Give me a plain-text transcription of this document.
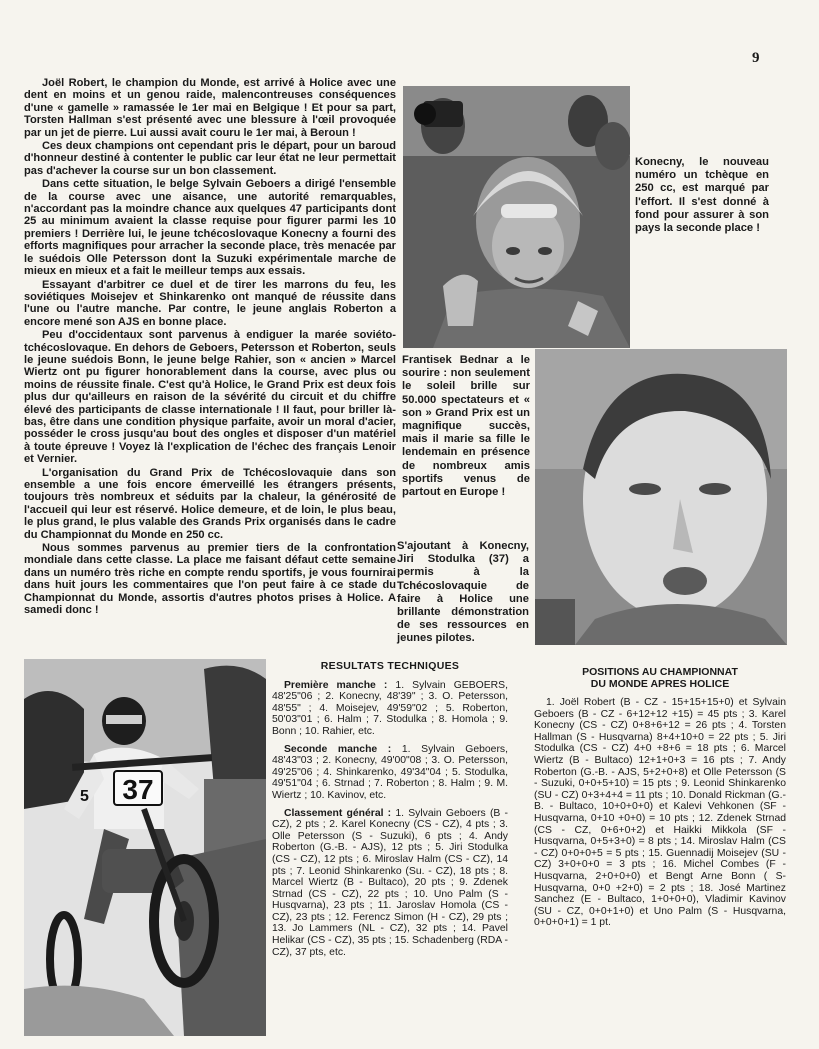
9

Joël Robert, le champion du Monde, est arrivé à Holice avec une dent en moins et un genou raide, malencontreuses conséquences d'une « gamelle » ramassée le 1er mai en Belgique ! Et pour sa part, Torsten Hallman s'est présenté avec une blessure à l'œil provoquée par un jet de pierre. Lui aussi avait couru le 1er mai, à Beroun !

Ces deux champions ont cependant pris le départ, pour un baroud d'honneur destiné à contenter le public car leur état ne leur permettait pas d'achever la course sur un bon classement.

Dans cette situation, le belge Sylvain Geboers a dirigé l'ensemble de la course avec une aisance, une autorité remarquables, n'accordant pas la moindre chance aux quelques 47 participants dont 25 au minimum avaient la classe requise pour figurer parmi les 10 premiers ! Derrière lui, le jeune tchécoslovaque Konecny a fourni des efforts magnifiques pour arracher la seconde place, très menacée par le suédois Olle Petersson dont la Suzuki expérimentale marche de mieux en mieux et a fait le meilleur temps aux essais.

Essayant d'arbitrer ce duel et de tirer les marrons du feu, les soviétiques Moisejev et Shinkarenko ont manqué de réussite dans l'une ou l'autre manche. Par contre, le jeune anglais Roberton a encore mené son AJS en bonne place.

Peu d'occidentaux sont parvenus à endiguer la marée soviéto-tchécoslovaque. En dehors de Geboers, Petersson et Roberton, seuls le jeune suédois Bonn, le jeune belge Rahier, son « ancien » Marcel Wiertz ont pu figurer honorablement dans la course, avec plus ou moins de réussite finale. C'est qu'à Holice, le Grand Prix est deux fois plus dur qu'ailleurs en raison de la sévérité du circuit et du chiffre élevé des participants de classe internationale ! Il faut, pour briller là-bas, être dans une condition physique parfaite, avoir un moral d'acier, posséder le cross jusqu'au bout des ongles et disposer d'un matériel à toute épreuve ! Voyez là l'explication de l'échec des français Lenoir et Vernier.

L'organisation du Grand Prix de Tchécoslovaquie dans son ensemble a une fois encore émerveillé les étrangers présents, toujours très nombreux et séduits par la chaleur, la générosité de l'accueil qui leur est réservé. Holice demeure, et de loin, le plus beau, le plus grand, le plus valable des Grands Prix organisés dans le cadre du Championnat du Monde en 250 cc.

Nous sommes parvenus au premier tiers de la confrontation mondiale dans cette classe. La place me faisant défaut cette semaine dans un numéro très riche en compte rendu sportifs, je vous fournirai dans huit jours les commentaires que l'on peut faire à ce stade du Championnat du Monde, assortis d'autres photos prises à Holice. A samedi donc !

Konecny, le nouveau numéro un tchèque en 250 cc, est marqué par l'effort. Il s'est donné à fond pour assurer à son pays la seconde place !
Frantisek Bednar a le sourire : non seulement le soleil brille sur 50.000 spectateurs et « son » Grand Prix est un magnifique succès, mais il marie sa fille le lendemain en présence de nombreux amis sportifs venus de partout en Europe !
S'ajoutant à Konecny, Jiri Stodulka (37) a permis à la Tchécoslovaquie de faire à Holice une brillante démonstration de ses ressources en jeunes pilotes.
37
5
RESULTATS TECHNIQUES

Première manche : 1. Sylvain GEBOERS, 48'25"06 ; 2. Konecny, 48'39" ; 3. O. Petersson, 48'55" ; 4. Moisejev, 49'59"02 ; 5. Roberton, 50'03"01 ; 6. Halm ; 7. Stodulka ; 8. Homola ; 9. Bonn ; 10. Rahier, etc.

Seconde manche : 1. Sylvain Geboers, 48'43"03 ; 2. Konecny, 49'00"08 ; 3. O. Petersson, 49'25"06 ; 4. Shinkarenko, 49'34"04 ; 5. Stodulka, 49'51"04 ; 6. Strnad ; 7. Roberton ; 8. Halm ; 9. M. Wiertz ; 10. Kavinov, etc.

Classement général : 1. Sylvain Geboers (B - CZ), 2 pts ; 2. Karel Konecny (CS - CZ), 4 pts ; 3. Olle Petersson (S - Suzuki), 6 pts ; 4. Andy Roberton (G.-B. - AJS), 12 pts ; 5. Jiri Stodulka (CS - CZ), 12 pts ; 6. Miroslav Halm (CS - CZ), 14 pts ; 7. Leonid Shinkarenko (Su. - CZ), 18 pts ; 8. Marcel Wiertz (B - Bultaco), 20 pts ; 9. Zdenek Strnad (CS - CZ), 22 pts ; 10. Uno Palm (S - Husqvarna), 23 pts ; 11. Jaroslav Homola (CS - CZ), 23 pts ; 12. Ferencz Simon (H - CZ), 29 pts ; 13. Jo Lammers (NL - CZ), 32 pts ; 14. Pavel Helikar (CS - CZ), 35 pts ; 15. Schadenberg (RDA - CZ), 37 pts, etc.

POSITIONS AU CHAMPIONNAT
DU MONDE APRES HOLICE

1. Joël Robert (B - CZ - 15+15+15+0) et Sylvain Geboers (B - CZ - 6+12+12 +15) = 45 pts ; 3. Karel Konecny (CS - CZ) 0+8+6+12 = 26 pts ; 4. Torsten Hallman (S - Husqvarna) 8+4+10+0 = 22 pts ; 5. Jiri Stodulka (CS - CZ) 4+0 +8+6 = 18 pts ; 6. Marcel Wiertz (B - Bultaco) 12+1+0+3 = 16 pts ; 7. Andy Roberton (G.-B. - AJS, 5+2+0+8) et Olle Petersson (S - Suzuki, 0+0+5+10) = 15 pts ; 9. Leonid Shinkarenko (SU - CZ) 0+3+4+4 = 11 pts ; 10. Donald Rickman (G.-B. - Bultaco, 10+0+0+0) et Kalevi Vehkonen (SF - Husqvarna, 0+10 +0+0) = 10 pts ; 12. Zdenek Strnad (CS - CZ, 0+6+0+2) et Haikki Mikkola (SF - Husqvarna, 0+5+3+0) = 8 pts ; 14. Miroslav Halm (CS - CZ) 0+0+0+5 = 5 pts ; 15. Guennadij Moisejev (SU - CZ) 3+0+0+0 = 3 pts ; 16. Michel Combes (F - Husqvarna, 2+0+0+0) et Bengt Arne Bonn ( S- Husqvarna, 0+0 +2+0) = 2 pts ; 18. José Martinez Sanchez (E - Bultaco, 1+0+0+0), Vladimir Kavinov (SU - CZ, 0+0+1+0) et Uno Palm (S - Husqvarna, 0+0+0+1) = 1 pt.
